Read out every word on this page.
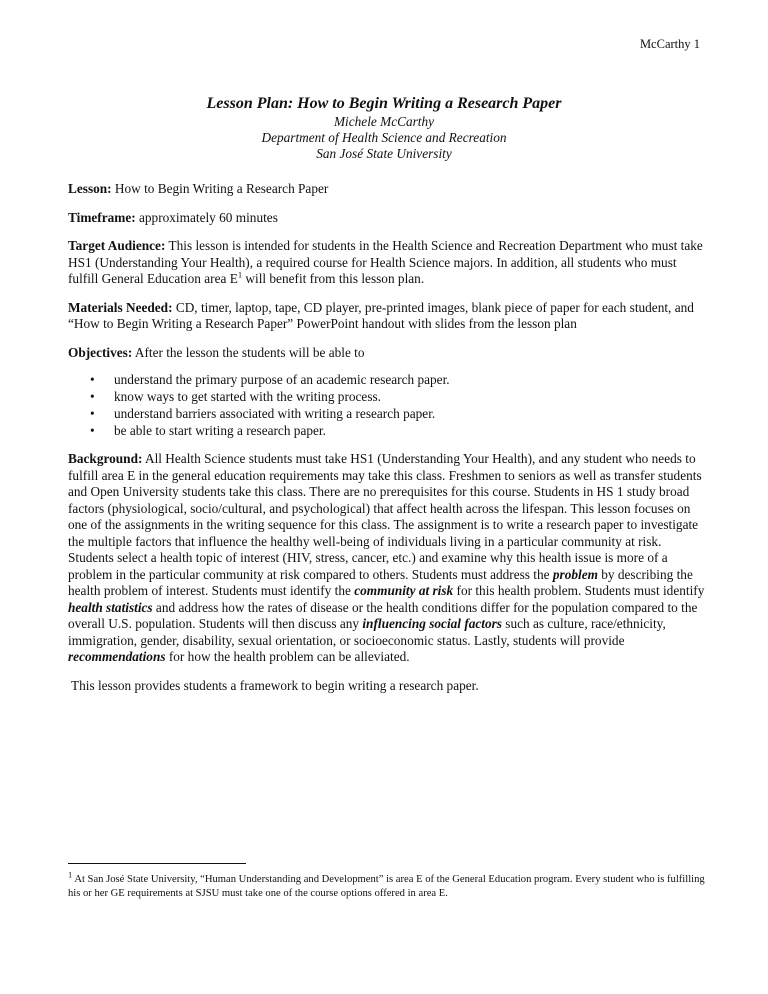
McCarthy 1
Lesson Plan: How to Begin Writing a Research Paper
Michele McCarthy
Department of Health Science and Recreation
San José State University

Lesson: How to Begin Writing a Research Paper

Timeframe: approximately 60 minutes

Target Audience: This lesson is intended for students in the Health Science and Recreation Department who must take HS1 (Understanding Your Health), a required course for Health Science majors. In addition, all students who must fulfill General Education area $E^1$ will benefit from this lesson plan.

Materials Needed: CD, timer, laptop, tape, CD player, pre-printed images, blank piece of paper for each student, and “How to Begin Writing a Research Paper” PowerPoint handout with slides from the lesson plan

Objectives: After the lesson the students will be able to

• understand the primary purpose of an academic research paper.
• know ways to get started with the writing process.
• understand barriers associated with writing a research paper.
• be able to start writing a research paper.

Background: All Health Science students must take HS1 (Understanding Your Health), and any student who needs to fulfill area E in the general education requirements may take this class. Freshmen to seniors as well as transfer students and Open University students take this class. There are no prerequisites for this course. Students in HS 1 study broad factors (physiological, socio/cultural, and psychological) that affect health across the lifespan. This lesson focuses on one of the assignments in the writing sequence for this class. The assignment is to write a research paper to investigate the multiple factors that influence the healthy well-being of individuals living in a particular community at risk. Students select a health topic of interest (HIV, stress, cancer, etc.) and examine why this health issue is more of a problem in the particular community at risk compared to others. Students must address the problem by describing the health problem of interest. Students must identify the community at risk for this health problem. Students must identify health statistics and address how the rates of disease or the health conditions differ for the population compared to the overall U.S. population. Students will then discuss any influencing social factors such as culture, race/ethnicity, immigration, gender, disability, sexual orientation, or socioeconomic status. Lastly, students will provide recommendations for how the health problem can be alleviated.

This lesson provides students a framework to begin writing a research paper.

$^1$ At San José State University, “Human Understanding and Development” is area E of the General Education program. Every student who is fulfilling his or her GE requirements at SJSU must take one of the course options offered in area E.
